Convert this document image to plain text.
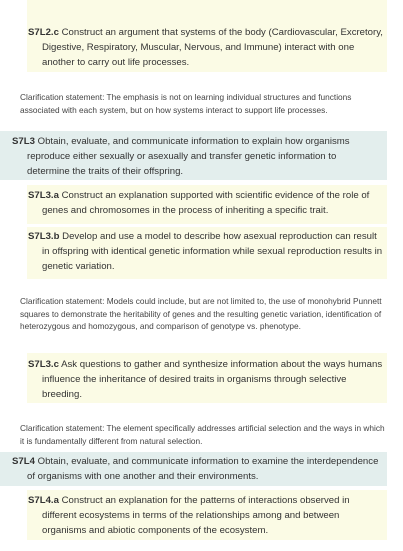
S7L2.c Construct an argument that systems of the body (Cardiovascular, Excretory, Digestive, Respiratory, Muscular, Nervous, and Immune) interact with one another to carry out life processes.
Clarification statement: The emphasis is not on learning individual structures and functions associated with each system, but on how systems interact to support life processes.
S7L3 Obtain, evaluate, and communicate information to explain how organisms reproduce either sexually or asexually and transfer genetic information to determine the traits of their offspring.
S7L3.a Construct an explanation supported with scientific evidence of the role of genes and chromosomes in the process of inheriting a specific trait.
S7L3.b Develop and use a model to describe how asexual reproduction can result in offspring with identical genetic information while sexual reproduction results in genetic variation.
Clarification statement: Models could include, but are not limited to, the use of monohybrid Punnett squares to demonstrate the heritability of genes and the resulting genetic variation, identification of heterozygous and homozygous, and comparison of genotype vs. phenotype.
S7L3.c Ask questions to gather and synthesize information about the ways humans influence the inheritance of desired traits in organisms through selective breeding.
Clarification statement: The element specifically addresses artificial selection and the ways in which it is fundamentally different from natural selection.
S7L4 Obtain, evaluate, and communicate information to examine the interdependence of organisms with one another and their environments.
S7L4.a Construct an explanation for the patterns of interactions observed in different ecosystems in terms of the relationships among and between organisms and abiotic components of the ecosystem.
